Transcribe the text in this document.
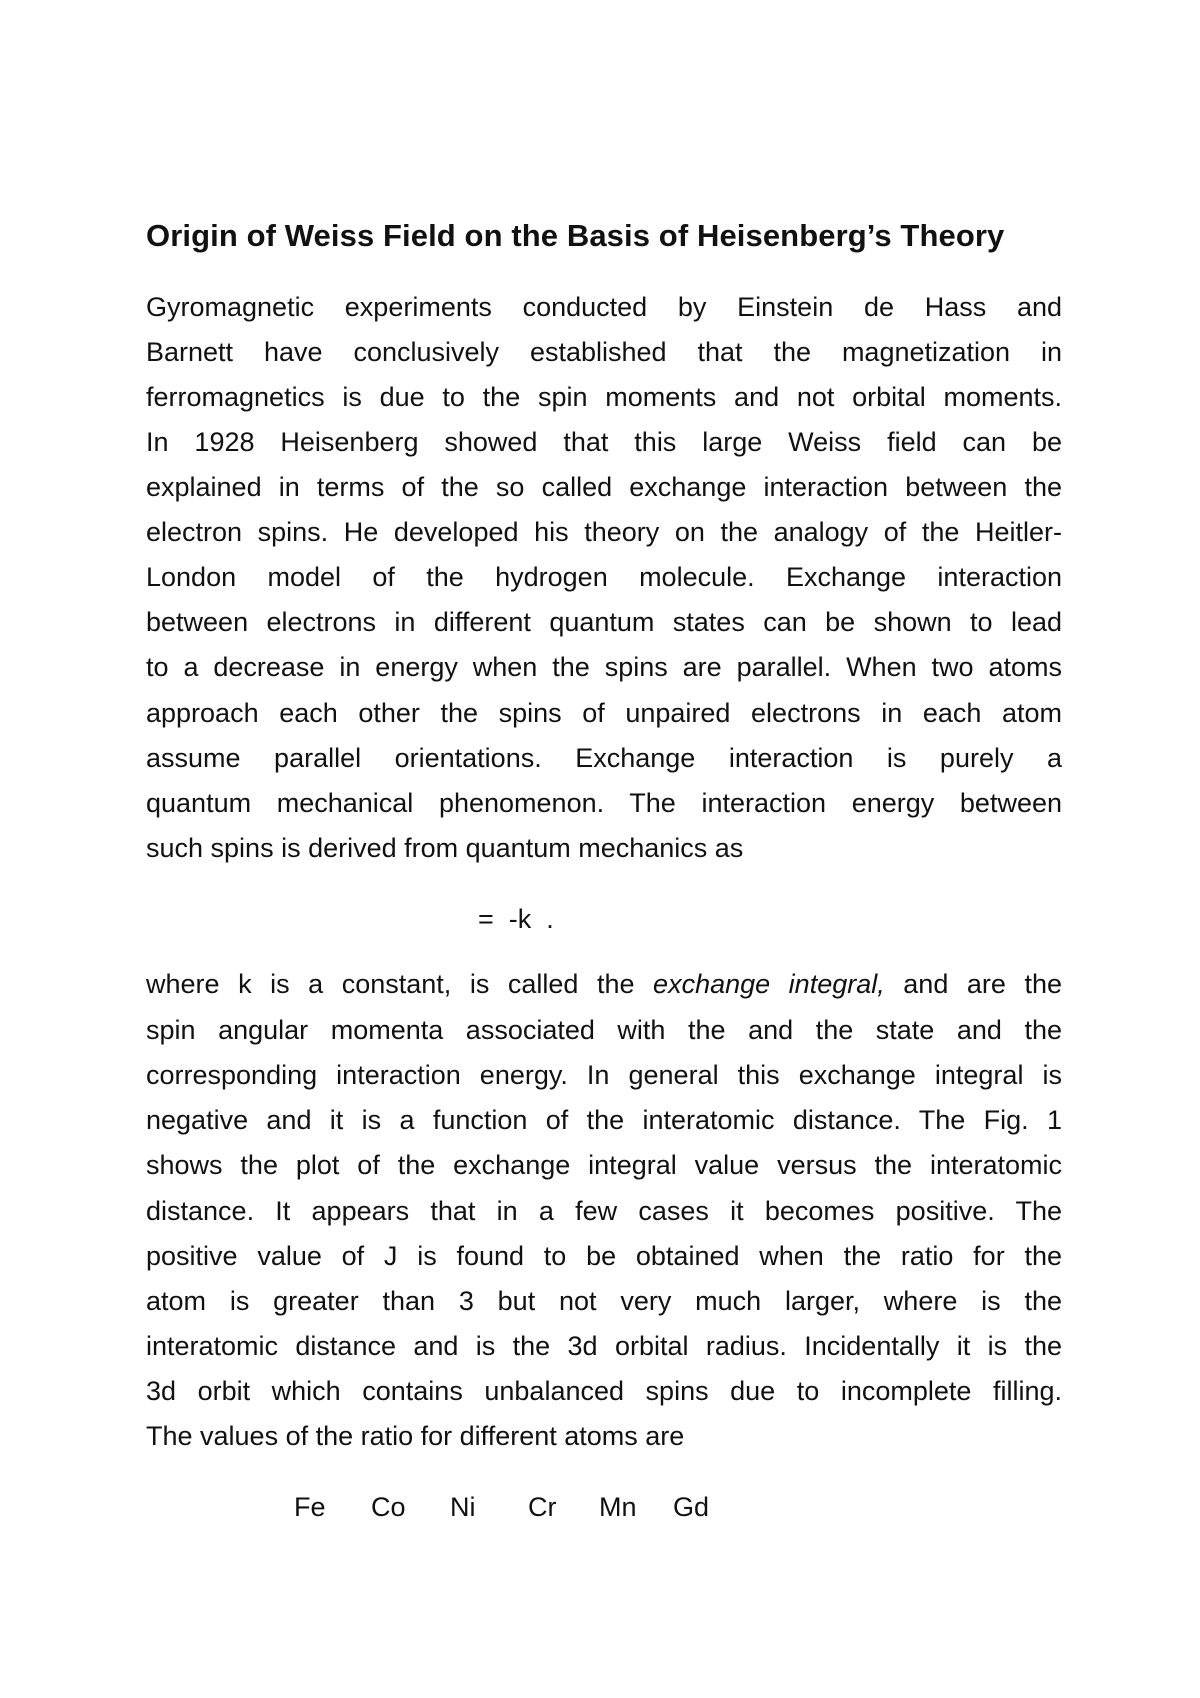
Origin of Weiss Field on the Basis of Heisenberg’s Theory
Gyromagnetic experiments conducted by Einstein de Hass and
Barnett have conclusively established that the magnetization in
ferromagnetics is due to the spin moments and not orbital moments.
In 1928 Heisenberg showed that this large Weiss field can be
explained in terms of the so called exchange interaction between the
electron spins. He developed his theory on the analogy of the Heitler-
London model of the hydrogen molecule. Exchange interaction
between electrons in different quantum states can be shown to lead
to a decrease in energy when the spins are parallel. When two atoms
approach each other the spins of unpaired electrons in each atom
assume parallel orientations. Exchange interaction is purely a
quantum mechanical phenomenon. The interaction energy between
such spins is derived from quantum mechanics as
=  -k  .
where k is a constant, is called the exchange integral, and are the
spin angular momenta associated with the and the state and the
corresponding interaction energy. In general this exchange integral is
negative and it is a function of the interatomic distance. The Fig. 1
shows the plot of the exchange integral value versus the interatomic
distance. It appears that in a few cases it becomes positive. The
positive value of J is found to be obtained when the ratio for the
atom is greater than 3 but not very much larger, where is the
interatomic distance and is the 3d orbital radius. Incidentally it is the
3d orbit which contains unbalanced spins due to incomplete filling.
The values of the ratio for different atoms are
Fe	Co	Ni	Cr	Mn	Gd
